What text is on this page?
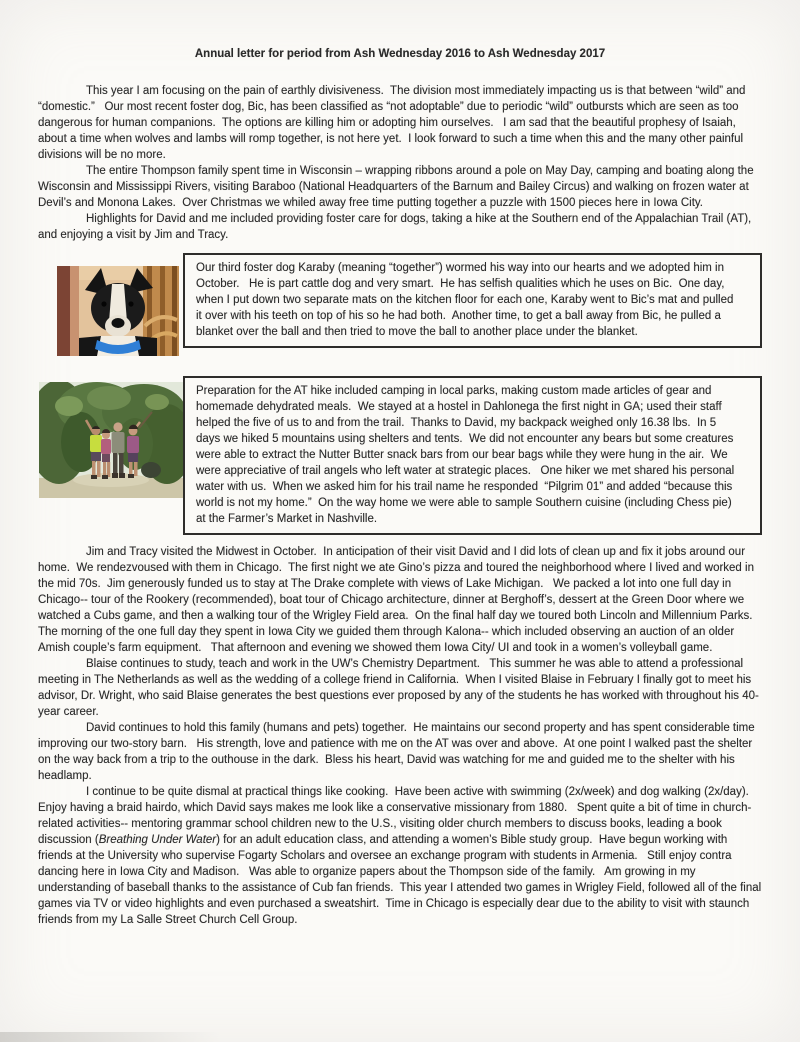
Annual letter for period from Ash Wednesday 2016 to Ash Wednesday 2017

This year I am focusing on the pain of earthly divisiveness.  The division most immediately impacting us is that between “wild” and “domestic.”   Our most recent foster dog, Bic, has been classified as “not adoptable” due to periodic “wild” outbursts which are seen as too dangerous for human companions.  The options are killing him or adopting him ourselves.   I am sad that the beautiful prophesy of Isaiah, about a time when wolves and lambs will romp together, is not here yet.  I look forward to such a time when this and the many other painful divisions will be no more.

The entire Thompson family spent time in Wisconsin – wrapping ribbons around a pole on May Day, camping and boating along the Wisconsin and Mississippi Rivers, visiting Baraboo (National Headquarters of the Barnum and Bailey Circus) and walking on frozen water at Devil’s and Monona Lakes.  Over Christmas we whiled away free time putting together a puzzle with 1500 pieces here in Iowa City.

Highlights for David and me included providing foster care for dogs, taking a hike at the Southern end of the Appalachian Trail (AT), and enjoying a visit by Jim and Tracy.

Our third foster dog Karaby (meaning “together”) wormed his way into our hearts and we adopted him in October.   He is part cattle dog and very smart.  He has selfish qualities which he uses on Bic.  One day, when I put down two separate mats on the kitchen floor for each one, Karaby went to Bic’s mat and pulled it over with his teeth on top of his so he had both.  Another time, to get a ball away from Bic, he pulled a blanket over the ball and then tried to move the ball to another place under the blanket.

Preparation for the AT hike included camping in local parks, making custom made articles of gear and homemade dehydrated meals.  We stayed at a hostel in Dahlonega the first night in GA; used their staff helped the five of us to and from the trail.  Thanks to David, my backpack weighed only 16.38 lbs.  In 5 days we hiked 5 mountains using shelters and tents.  We did not encounter any bears but some creatures were able to extract the Nutter Butter snack bars from our bear bags while they were hung in the air.  We were appreciative of trail angels who left water at strategic places.   One hiker we met shared his personal water with us.  When we asked him for his trail name he responded  “Pilgrim 01” and added “because this world is not my home.”  On the way home we were able to sample Southern cuisine (including Chess pie) at the Farmer’s Market in Nashville.

Jim and Tracy visited the Midwest in October.  In anticipation of their visit David and I did lots of clean up and fix it jobs around our home.  We rendezvoused with them in Chicago.  The first night we ate Gino’s pizza and toured the neighborhood where I lived and worked in the mid 70s.  Jim generously funded us to stay at The Drake complete with views of Lake Michigan.   We packed a lot into one full day in Chicago-- tour of the Rookery (recommended), boat tour of Chicago architecture, dinner at Berghoff’s, dessert at the Green Door where we watched a Cubs game, and then a walking tour of the Wrigley Field area.  On the final half day we toured both Lincoln and Millennium Parks.  The morning of the one full day they spent in Iowa City we guided them through Kalona-- which included observing an auction of an older Amish couple’s farm equipment.   That afternoon and evening we showed them Iowa City/ UI and took in a women’s volleyball game.

Blaise continues to study, teach and work in the UW’s Chemistry Department.   This summer he was able to attend a professional meeting in The Netherlands as well as the wedding of a college friend in California.  When I visited Blaise in February I finally got to meet his advisor, Dr. Wright, who said Blaise generates the best questions ever proposed by any of the students he has worked with throughout his 40-year career.

David continues to hold this family (humans and pets) together.  He maintains our second property and has spent considerable time improving our two-story barn.   His strength, love and patience with me on the AT was over and above.  At one point I walked past the shelter on the way back from a trip to the outhouse in the dark.  Bless his heart, David was watching for me and guided me to the shelter with his headlamp.

I continue to be quite dismal at practical things like cooking.  Have been active with swimming (2x/week) and dog walking (2x/day).  Enjoy having a braid hairdo, which David says makes me look like a conservative missionary from 1880.   Spent quite a bit of time in church-related activities-- mentoring grammar school children new to the U.S., visiting older church members to discuss books, leading a book discussion (Breathing Under Water) for an adult education class, and attending a women’s Bible study group.  Have begun working with friends at the University who supervise Fogarty Scholars and oversee an exchange program with students in Armenia.   Still enjoy contra dancing here in Iowa City and Madison.   Was able to organize papers about the Thompson side of the family.   Am growing in my understanding of baseball thanks to the assistance of Cub fan friends.  This year I attended two games in Wrigley Field, followed all of the final games via TV or video highlights and even purchased a sweatshirt.  Time in Chicago is especially dear due to the ability to visit with staunch friends from my La Salle Street Church Cell Group.
